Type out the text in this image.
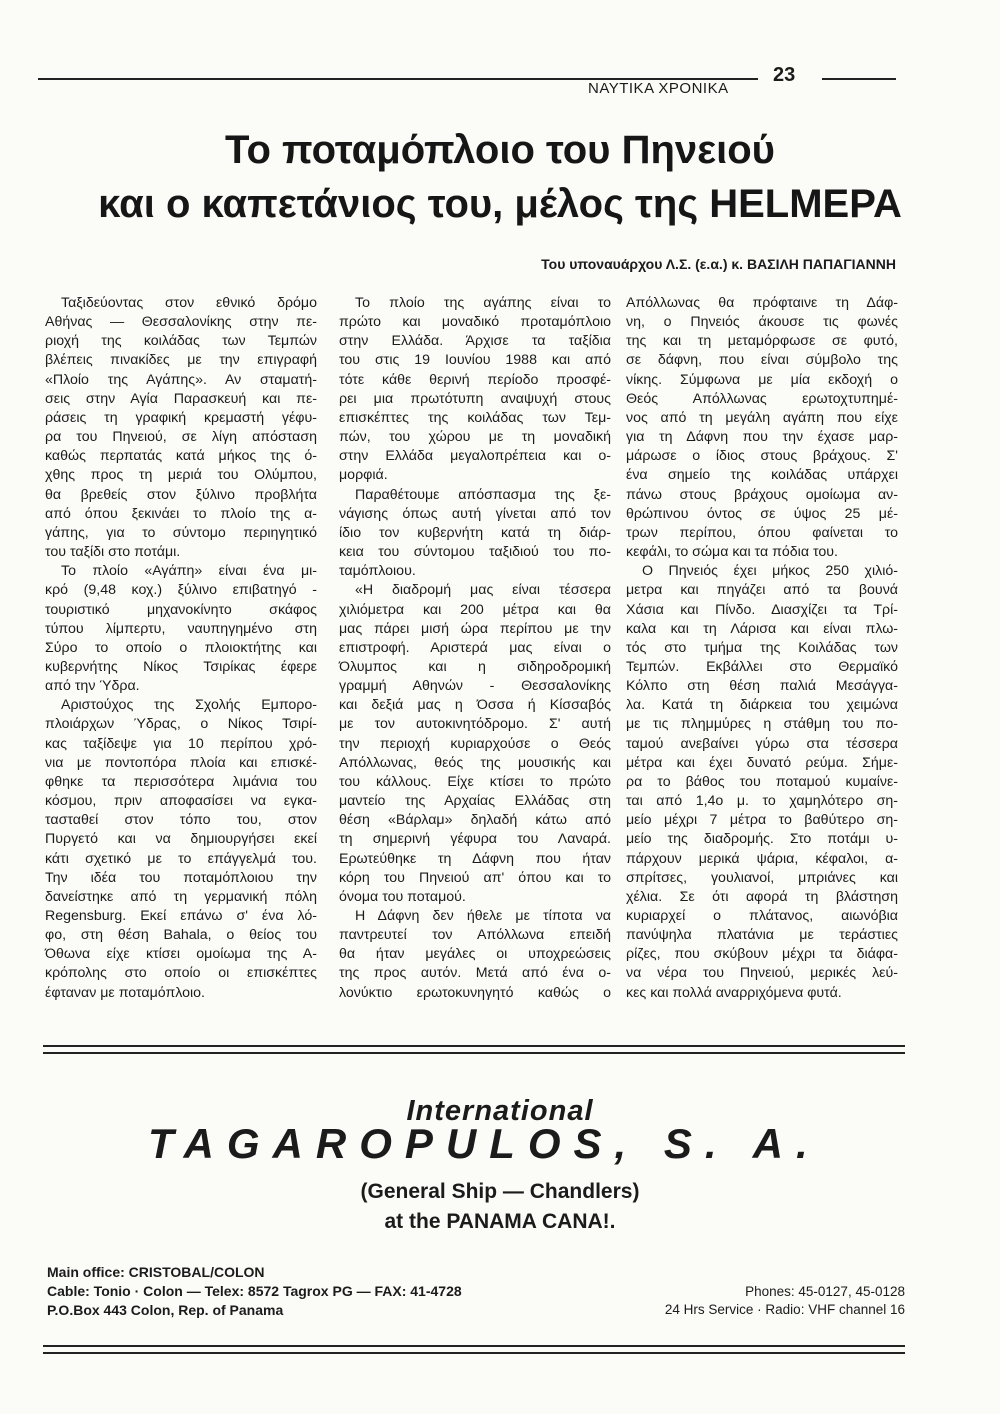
ΝΑΥΤΙΚΑ ΧΡΟΝΙΚΑ
23
Το ποταμόπλοιο του Πηνειού
και ο καπετάνιος του, μέλος της HELMEPA
Του υποναυάρχου Λ.Σ. (ε.α.) κ. ΒΑΣΙΛΗ ΠΑΠΑΓΙΑΝΝΗ
Ταξιδεύοντας στον εθνικό δρόμο
Αθήνας — Θεσσαλονίκης στην πε-
ριοχή της κοιλάδας των Τεμπών
βλέπεις πινακίδες με την επιγραφή
«Πλοίο της Αγάπης». Αν σταματή-
σεις στην Αγία Παρασκευή και πε-
ράσεις τη γραφική κρεμαστή γέφυ-
ρα του Πηνειού, σε λίγη απόσταση
καθώς περπατάς κατά μήκος της ό-
χθης προς τη μεριά του Ολύμπου,
θα βρεθείς στον ξύλινο προβλήτα
από όπου ξεκινάει το πλοίο της α-
γάπης, για το σύντομο περιηγητικό
του ταξίδι στο ποτάμι.
Το πλοίο «Αγάπη» είναι ένα μι-
κρό (9,48 κοχ.) ξύλινο επιβατηγό -
τουριστικό μηχανοκίνητο σκάφος
τύπου λίμπερτυ, ναυπηγημένο στη
Σύρο το οποίο ο πλοιοκτήτης και
κυβερνήτης Νίκος Τσιρίκας έφερε
από την Ύδρα.
Αριστούχος της Σχολής Εμπορο-
πλοιάρχων Ύδρας, ο Νίκος Τσιρί-
κας ταξίδεψε για 10 περίπου χρό-
νια με ποντοπόρα πλοία και επισκέ-
φθηκε τα περισσότερα λιμάνια του
κόσμου, πριν αποφασίσει να εγκα-
τασταθεί στον τόπο του, στον
Πυργετό και να δημιουργήσει εκεί
κάτι σχετικό με το επάγγελμά του.
Την ιδέα του ποταμόπλοιου την
δανείστηκε από τη γερμανική πόλη
Regensburg. Εκεί επάνω σ' ένα λό-
φο, στη θέση Bahala, ο θείος του
Όθωνα είχε κτίσει ομοίωμα της Α-
κρόπολης στο οποίο οι επισκέπτες
έφταναν με ποταμόπλοιο.
Το πλοίο της αγάπης είναι το
πρώτο και μοναδικό προταμόπλοιο
στην Ελλάδα. Άρχισε τα ταξίδια
του στις 19 Ιουνίου 1988 και από
τότε κάθε θερινή περίοδο προσφέ-
ρει μια πρωτότυπη αναψυχή στους
επισκέπτες της κοιλάδας των Τεμ-
πών, του χώρου με τη μοναδική
στην Ελλάδα μεγαλοπρέπεια και ο-
μορφιά.
Παραθέτουμε απόσπασμα της ξε-
νάγισης όπως αυτή γίνεται από τον
ίδιο τον κυβερνήτη κατά τη διάρ-
κεια του σύντομου ταξιδιού του πο-
ταμόπλοιου.
«Η διαδρομή μας είναι τέσσερα
χιλιόμετρα και 200 μέτρα και θα
μας πάρει μισή ώρα περίπου με την
επιστροφή. Αριστερά μας είναι ο
Όλυμπος και η σιδηροδρομική
γραμμή Αθηνών - Θεσσαλονίκης
και δεξιά μας η Όσσα ή Κίσσαβός
με τον αυτοκινητόδρομο. Σ' αυτή
την περιοχή κυριαρχούσε ο Θεός
Απόλλωνας, θεός της μουσικής και
του κάλλους. Είχε κτίσει το πρώτο
μαντείο της Αρχαίας Ελλάδας στη
θέση «Βάρλαμ» δηλαδή κάτω από
τη σημερινή γέφυρα του Λαναρά.
Ερωτεύθηκε τη Δάφνη που ήταν
κόρη του Πηνειού απ' όπου και το
όνομα του ποταμού.
Η Δάφνη δεν ήθελε με τίποτα να
παντρευτεί τον Απόλλωνα επειδή
θα ήταν μεγάλες οι υποχρεώσεις
της προς αυτόν. Μετά από ένα ο-
λονύκτιο ερωτοκυνηγητό καθώς ο
Απόλλωνας θα πρόφταινε τη Δάφ-
νη, ο Πηνειός άκουσε τις φωνές
της και τη μεταμόρφωσε σε φυτό,
σε δάφνη, που είναι σύμβολο της
νίκης. Σύμφωνα με μία εκδοχή ο
Θεός Απόλλωνας ερωτοχτυπημέ-
νος από τη μεγάλη αγάπη που είχε
για τη Δάφνη που την έχασε μαρ-
μάρωσε ο ίδιος στους βράχους. Σ'
ένα σημείο της κοιλάδας υπάρχει
πάνω στους βράχους ομοίωμα αν-
θρώπινου όντος σε ύψος 25 μέ-
τρων περίπου, όπου φαίνεται το
κεφάλι, το σώμα και τα πόδια του.
Ο Πηνειός έχει μήκος 250 χιλιό-
μετρα και πηγάζει από τα βουνά
Χάσια και Πίνδο. Διασχίζει τα Τρί-
καλα και τη Λάρισα και είναι πλω-
τός στο τμήμα της Κοιλάδας των
Τεμπών. Εκβάλλει στο Θερμαϊκό
Κόλπο στη θέση παλιά Μεσάγγα-
λα. Κατά τη διάρκεια του χειμώνα
με τις πλημμύρες η στάθμη του πο-
ταμού ανεβαίνει γύρω στα τέσσερα
μέτρα και έχει δυνατό ρεύμα. Σήμε-
ρα το βάθος του ποταμού κυμαίνε-
ται από 1,4ο μ. το χαμηλότερο ση-
μείο μέχρι 7 μέτρα το βαθύτερο ση-
μείο της διαδρομής. Στο ποτάμι υ-
πάρχουν μερικά ψάρια, κέφαλοι, α-
σπρίτσες, γουλιανοί, μπριάνες και
χέλια. Σε ότι αφορά τη βλάστηση
κυριαρχεί ο πλάτανος, αιωνόβια
πανύψηλα πλατάνια με τεράστιες
ρίζες, που σκύβουν μέχρι τα διάφα-
να νέρα του Πηνειού, μερικές λεύ-
κες και πολλά αναρριχόμενα φυτά.
International
TAGAROPULOS, S. A.
(General Ship — Chandlers)
at the PANAMA CANA!.
Main office: CRISTOBAL/COLON
Cable: Tonio · Colon — Telex: 8572 Tagrox PG — FAX: 41-4728
P.O.Box 443 Colon, Rep. of Panama
Phones: 45-0127, 45-0128
24 Hrs Service · Radio: VHF channel 16
